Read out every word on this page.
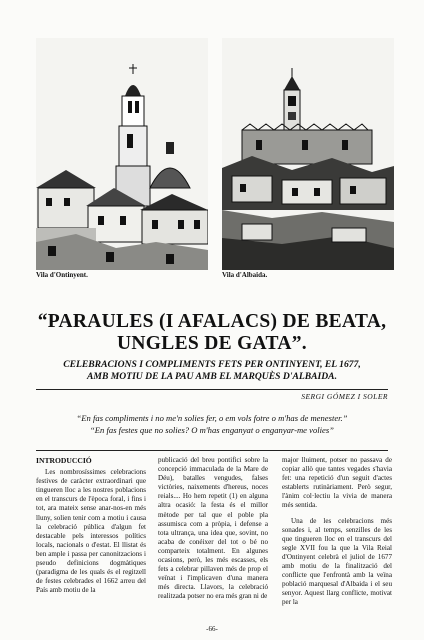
Vila d'Ontinyent.	Vila d'Albaida.
“PARAULES (I AFALACS) DE BEATA,
UNGLES DE GATA”.
CELEBRACIONS I COMPLIMENTS FETS PER ONTINYENT, EL 1677,
AMB MOTIU DE LA PAU AMB EL MARQUÈS D'ALBAIDA.
SERGI GÓMEZ I SOLER
“En fas compliments i no me'n solies fer, o em vols fotre o m'has de menester.”
“En fas festes que no solies? O m'has enganyat o enganyar-me volies”
INTRODUCCIÓ

Les nombrosíssimes celebracions festives de caràcter extraordinari que tingueren lloc a les nostres poblacions en el transcurs de l'època foral, i fins i tot, ara mateix sense anar-nos-en més lluny, solien tenir com a motiu i causa la celebració pública d'algun fet destacable pels interessos polítics locals, nacionals o d'estat. El llistat és ben ample i passa per canonitzacions i pseudo definicions dogmàtiques (paradigma de les quals és el regitzell de festes celebrades el 1662 arreu del País amb motiu de la

publicació del breu pontifici sobre la concepció immaculada de la Mare de Déu), batalles vengudes, falses victòries, naixements d'hereus, noces reials.... Ho hem repetit (1) en alguna altra ocasió: la festa és el millor mètode per tal que el poble pla assumisca com a pròpia, i defense a tota ultrança, una idea que, sovint, no acaba de conéixer del tot o bé no comparteix totalment. En algunes ocasions, però, les més escasses, els fets a celebrar pillaven més de prop el veïnat i l'implicaven d'una manera més directa. Llavors, la celebració realitzada potser no era més gran ni de

major lluiment, potser no passava de copiar allò que tantes vegades s'havia fet: una repetició d'un seguit d'actes establerts rutinàriament. Però segur, l'ànim col·lectiu la vivia de manera més sentida.

Una de les celebracions més sonades i, al temps, senzilles de les que tingueren lloc en el transcurs del segle XVII fou la que la Vila Reial d'Ontinyent celebrà el juliol de 1677 amb motiu de la finalització del conflicte que l'enfrontà amb la veïna població marquesal d'Albaida i el seu senyor. Aquest llarg conflicte, motivat per la

-66-
